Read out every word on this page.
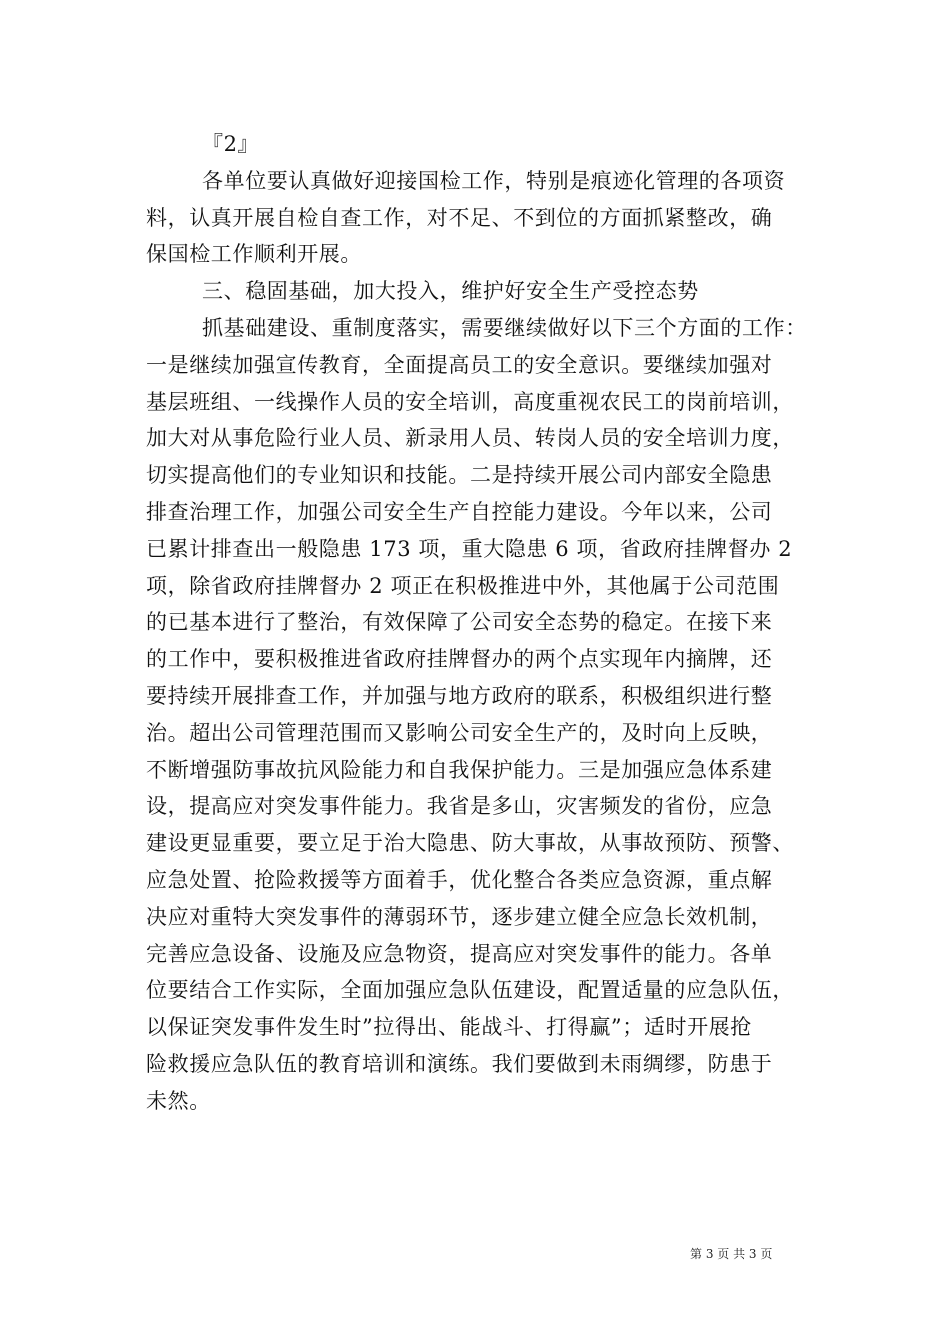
『2』
各单位要认真做好迎接国检工作，特别是痕迹化管理的各项资
料，认真开展自检自查工作，对不足、不到位的方面抓紧整改，确
保国检工作顺利开展。
三、稳固基础，加大投入，维护好安全生产受控态势
抓基础建设、重制度落实，需要继续做好以下三个方面的工作：
一是继续加强宣传教育，全面提高员工的安全意识。要继续加强对
基层班组、一线操作人员的安全培训，高度重视农民工的岗前培训，
加大对从事危险行业人员、新录用人员、转岗人员的安全培训力度，
切实提高他们的专业知识和技能。二是持续开展公司内部安全隐患
排查治理工作，加强公司安全生产自控能力建设。今年以来，公司
已累计排查出一般隐患 173 项，重大隐患 6 项，省政府挂牌督办 2
项，除省政府挂牌督办 2 项正在积极推进中外，其他属于公司范围
的已基本进行了整治，有效保障了公司安全态势的稳定。在接下来
的工作中，要积极推进省政府挂牌督办的两个点实现年内摘牌，还
要持续开展排查工作，并加强与地方政府的联系，积极组织进行整
治。超出公司管理范围而又影响公司安全生产的，及时向上反映，
不断增强防事故抗风险能力和自我保护能力。三是加强应急体系建
设，提高应对突发事件能力。我省是多山，灾害频发的省份，应急
建设更显重要，要立足于治大隐患、防大事故，从事故预防、预警、
应急处置、抢险救援等方面着手，优化整合各类应急资源，重点解
决应对重特大突发事件的薄弱环节，逐步建立健全应急长效机制，
完善应急设备、设施及应急物资，提高应对突发事件的能力。各单
位要结合工作实际，全面加强应急队伍建设，配置适量的应急队伍，
以保证突发事件发生时”拉得出、能战斗、打得赢”；适时开展抢
险救援应急队伍的教育培训和演练。我们要做到未雨绸缪，防患于
未然。
第 3 页 共 3 页
